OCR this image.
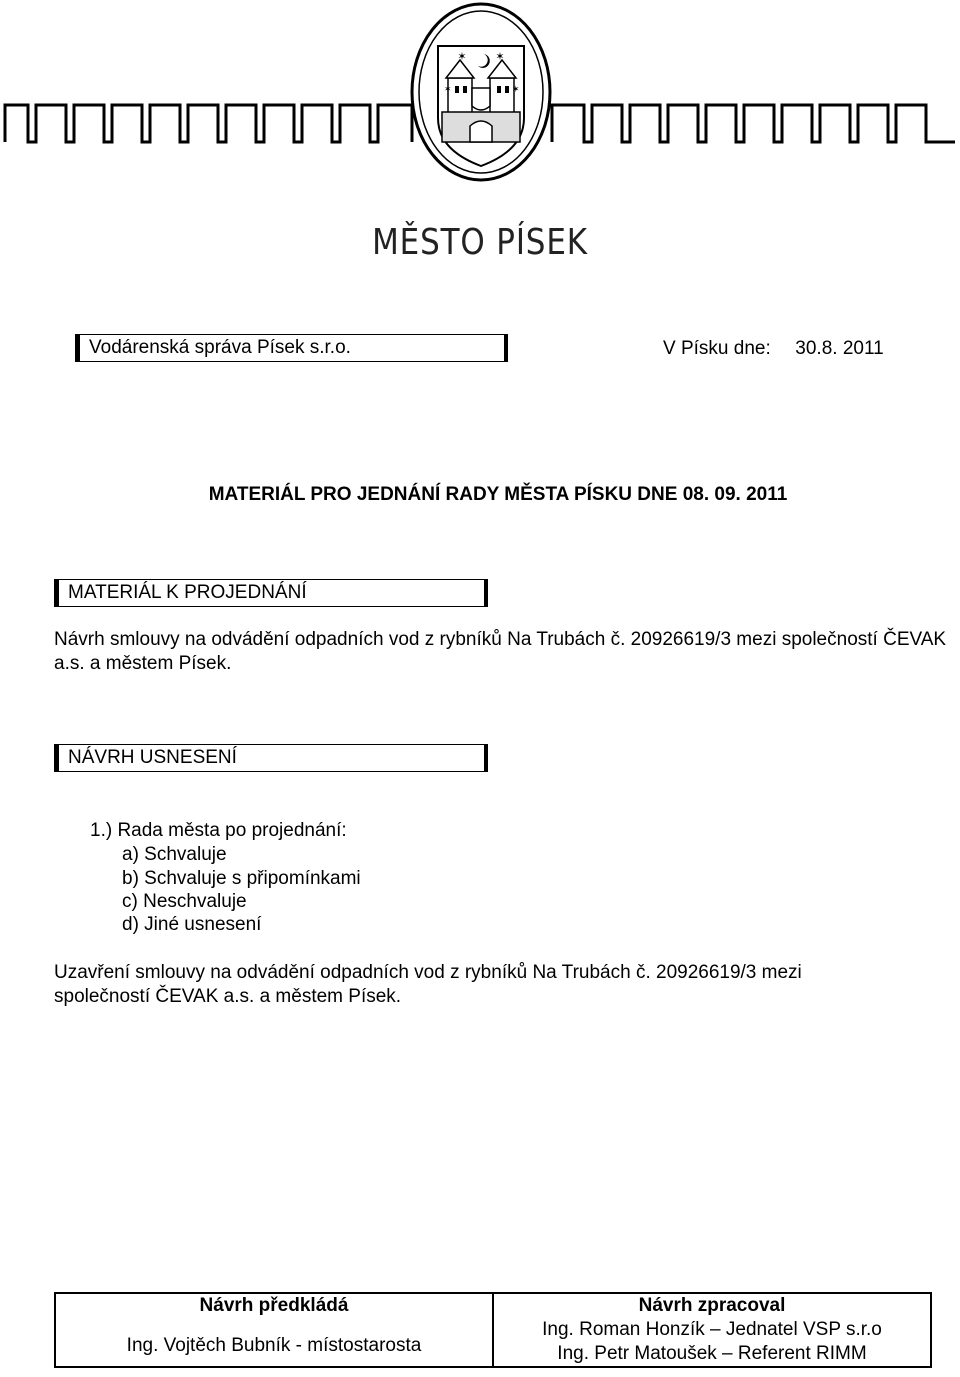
✶	✶
✶	✶
MĚSTO PÍSEK
Vodárenská správa Písek s.r.o.	V Písku dne: 30.8. 2011
MATERIÁL PRO JEDNÁNÍ RADY MĚSTA PÍSKU DNE 08. 09. 2011
MATERIÁL K PROJEDNÁNÍ
Návrh smlouvy na odvádění odpadních vod z rybníků Na Trubách č. 20926619/3 mezi společností ČEVAK
a.s. a městem Písek.
NÁVRH USNESENÍ
1.) Rada města po projednání:
a) Schvaluje
b) Schvaluje s připomínkami
c) Neschvaluje
d) Jiné usnesení
Uzavření smlouvy na odvádění odpadních vod z rybníků Na Trubách č. 20926619/3 mezi
společností ČEVAK a.s. a městem Písek.
Návrh předkládá
Ing. Vojtěch Bubník - místostarosta

Návrh zpracoval
Ing. Roman Honzík – Jednatel VSP s.r.o
Ing. Petr Matoušek – Referent RIMM
